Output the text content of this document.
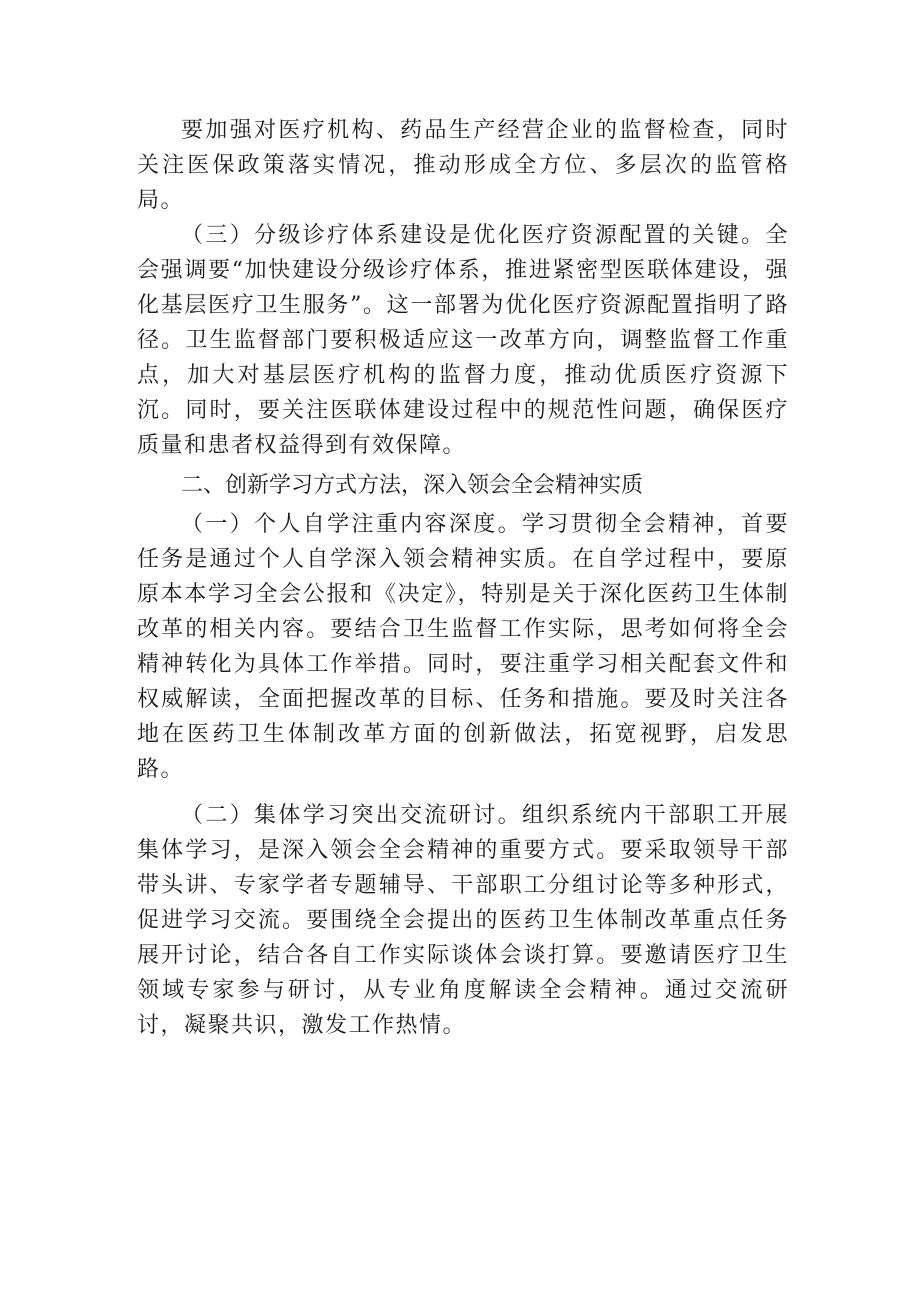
要加强对医疗机构、药品生产经营企业的监督检查，同时关注医保政策落实情况，推动形成全方位、多层次的监管格局。

（三）分级诊疗体系建设是优化医疗资源配置的关键。全会强调要“加快建设分级诊疗体系，推进紧密型医联体建设，强化基层医疗卫生服务”。这一部署为优化医疗资源配置指明了路径。卫生监督部门要积极适应这一改革方向，调整监督工作重点，加大对基层医疗机构的监督力度，推动优质医疗资源下沉。同时，要关注医联体建设过程中的规范性问题，确保医疗质量和患者权益得到有效保障。

二、创新学习方式方法，深入领会全会精神实质

（一）个人自学注重内容深度。学习贯彻全会精神，首要任务是通过个人自学深入领会精神实质。在自学过程中，要原原本本学习全会公报和《决定》，特别是关于深化医药卫生体制改革的相关内容。要结合卫生监督工作实际，思考如何将全会精神转化为具体工作举措。同时，要注重学习相关配套文件和权威解读，全面把握改革的目标、任务和措施。要及时关注各地在医药卫生体制改革方面的创新做法，拓宽视野，启发思路。

（二）集体学习突出交流研讨。组织系统内干部职工开展集体学习，是深入领会全会精神的重要方式。要采取领导干部带头讲、专家学者专题辅导、干部职工分组讨论等多种形式，促进学习交流。要围绕全会提出的医药卫生体制改革重点任务展开讨论，结合各自工作实际谈体会谈打算。要邀请医疗卫生领域专家参与研讨，从专业角度解读全会精神。通过交流研讨，凝聚共识，激发工作热情。
